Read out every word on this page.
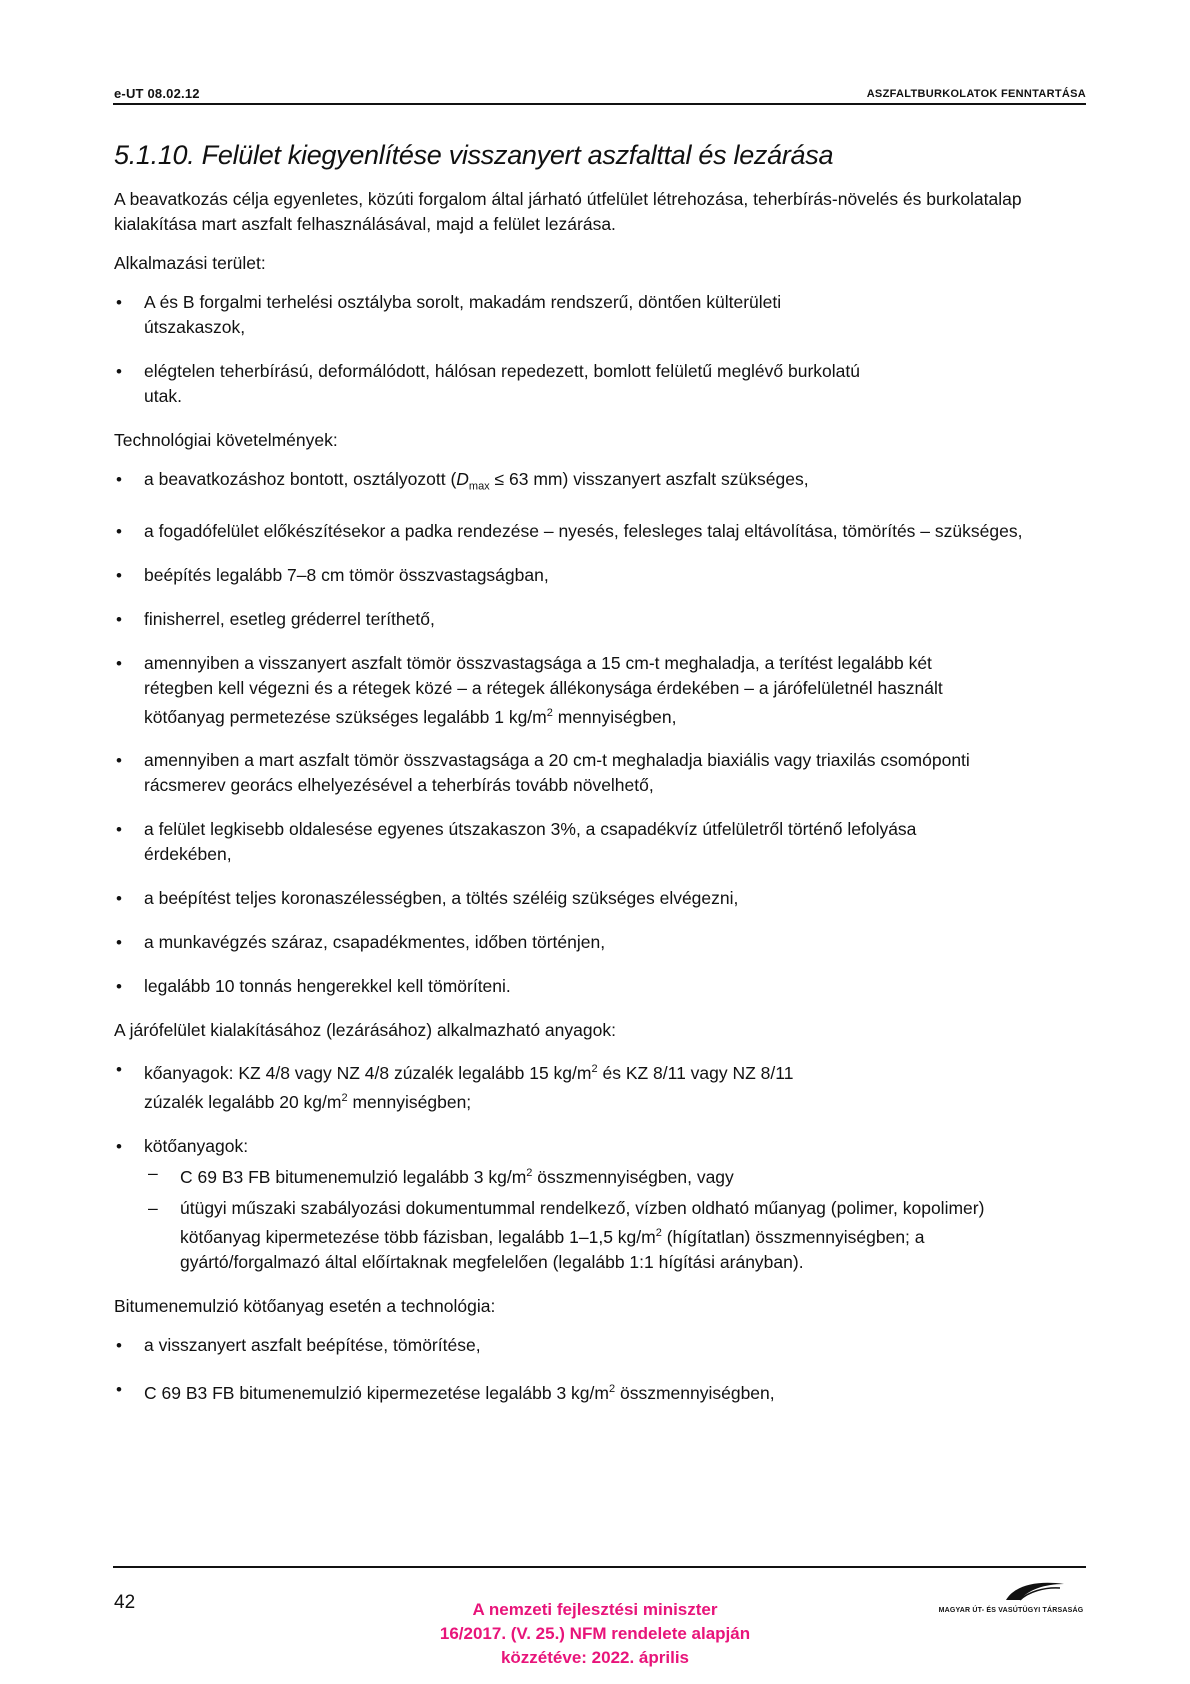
e-UT 08.02.12	ASZFALTBURKOLATOK FENNTARTÁSA
5.1.10. Felület kiegyenlítése visszanyert aszfalttal és lezárása

A beavatkozás célja egyenletes, közúti forgalom által járható útfelület létrehozása, teherbírás-növelés és burkolatalap kialakítása mart aszfalt felhasználásával, majd a felület lezárása.

Alkalmazási terület:

• A és B forgalmi terhelési osztályba sorolt, makadám rendszerű, döntően külterületi útszakaszok,
• elégtelen teherbírású, deformálódott, hálósan repedezett, bomlott felületű meglévő burkolatú utak.

Technológiai követelmények:

• a beavatkozáshoz bontott, osztályozott ($D_{max} \le 63$ mm) visszanyert aszfalt szükséges,
• a fogadófelület előkészítésekor a padka rendezése – nyesés, felesleges talaj eltávolítása, tömörítés – szükséges,
• beépítés legalább 7–8 cm tömör összvastagságban,
• finisherrel, esetleg gréderrel teríthető,
• amennyiben a visszanyert aszfalt tömör összvastagsága a 15 cm-t meghaladja, a terítést legalább két rétegben kell végezni és a rétegek közé – a rétegek állékonysága érdekében – a járófelületnél használt kötőanyag permetezése szükséges legalább 1 $kg/m^2$ mennyiségben,
• amennyiben a mart aszfalt tömör összvastagsága a 20 cm-t meghaladja biaxiális vagy triaxilás csomóponti rácsmerev georács elhelyezésével a teherbírás tovább növelhető,
• a felület legkisebb oldalesése egyenes útszakaszon 3%, a csapadékvíz útfelületről történő lefolyása érdekében,
• a beépítést teljes koronaszélességben, a töltés széléig szükséges elvégezni,
• a munkavégzés száraz, csapadékmentes, időben történjen,
• legalább 10 tonnás hengerekkel kell tömöríteni.

A járófelület kialakításához (lezárásához) alkalmazható anyagok:

• kőanyagok: KZ 4/8 vagy NZ 4/8 zúzalék legalább 15 $kg/m^2$ és KZ 8/11 vagy NZ 8/11 zúzalék legalább 20 $kg/m^2$ mennyiségben;
• kötőanyagok:
– C 69 B3 FB bitumenemulzió legalább 3 $kg/m^2$ összmennyiségben, vagy
– útügyi műszaki szabályozási dokumentummal rendelkező, vízben oldható műanyag (polimer, kopolimer) kötőanyag kipermetezése több fázisban, legalább 1–1,5 $kg/m^2$ (hígítatlan) összmennyiségben; a gyártó/forgalmazó által előírtaknak megfelelően (legalább 1:1 hígítási arányban).

Bitumenemulzió kötőanyag esetén a technológia:

• a visszanyert aszfalt beépítése, tömörítése,
• C 69 B3 FB bitumenemulzió kipermezetése legalább 3 $kg/m^2$ összmennyiségben,
42	A nemzeti fejlesztési miniszter
16/2017. (V. 25.) NFM rendelete alapján
közzétéve: 2022. április
MAGYAR ÚT- ÉS VASÚTÜGYI TÁRSASÁG
